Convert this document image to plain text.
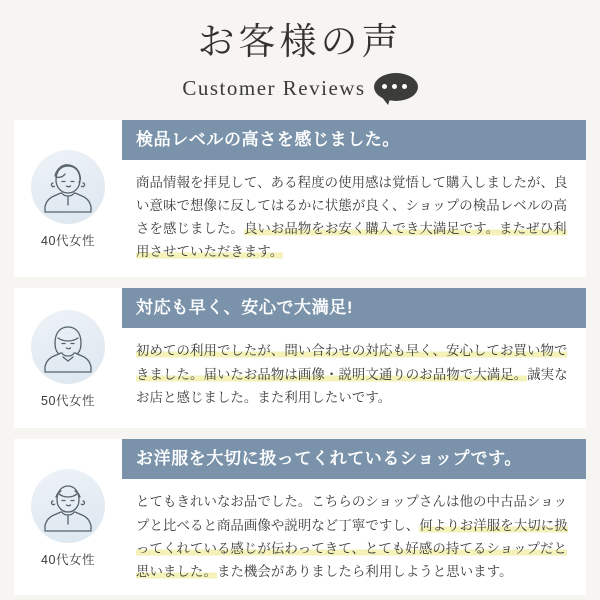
お客様の声
Customer Reviews
40代女性
検品レベルの高さを感じました。
商品情報を拝見して、ある程度の使用感は覚悟して購入しましたが、良い意味で想像に反してはるかに状態が良く、ショップの検品レベルの高さを感じました。良いお品物をお安く購入でき大満足です。またぜひ利用させていただきます。
50代女性
対応も早く、安心で大満足!
初めての利用でしたが、問い合わせの対応も早く、安心してお買い物できました。届いたお品物は画像・説明文通りのお品物で大満足。誠実なお店と感じました。また利用したいです。
40代女性
お洋服を大切に扱ってくれているショップです。
とてもきれいなお品でした。こちらのショップさんは他の中古品ショップと比べると商品画像や説明など丁寧ですし、何よりお洋服を大切に扱ってくれている感じが伝わってきて、とても好感の持てるショップだと思いました。また機会がありましたら利用しようと思います。
